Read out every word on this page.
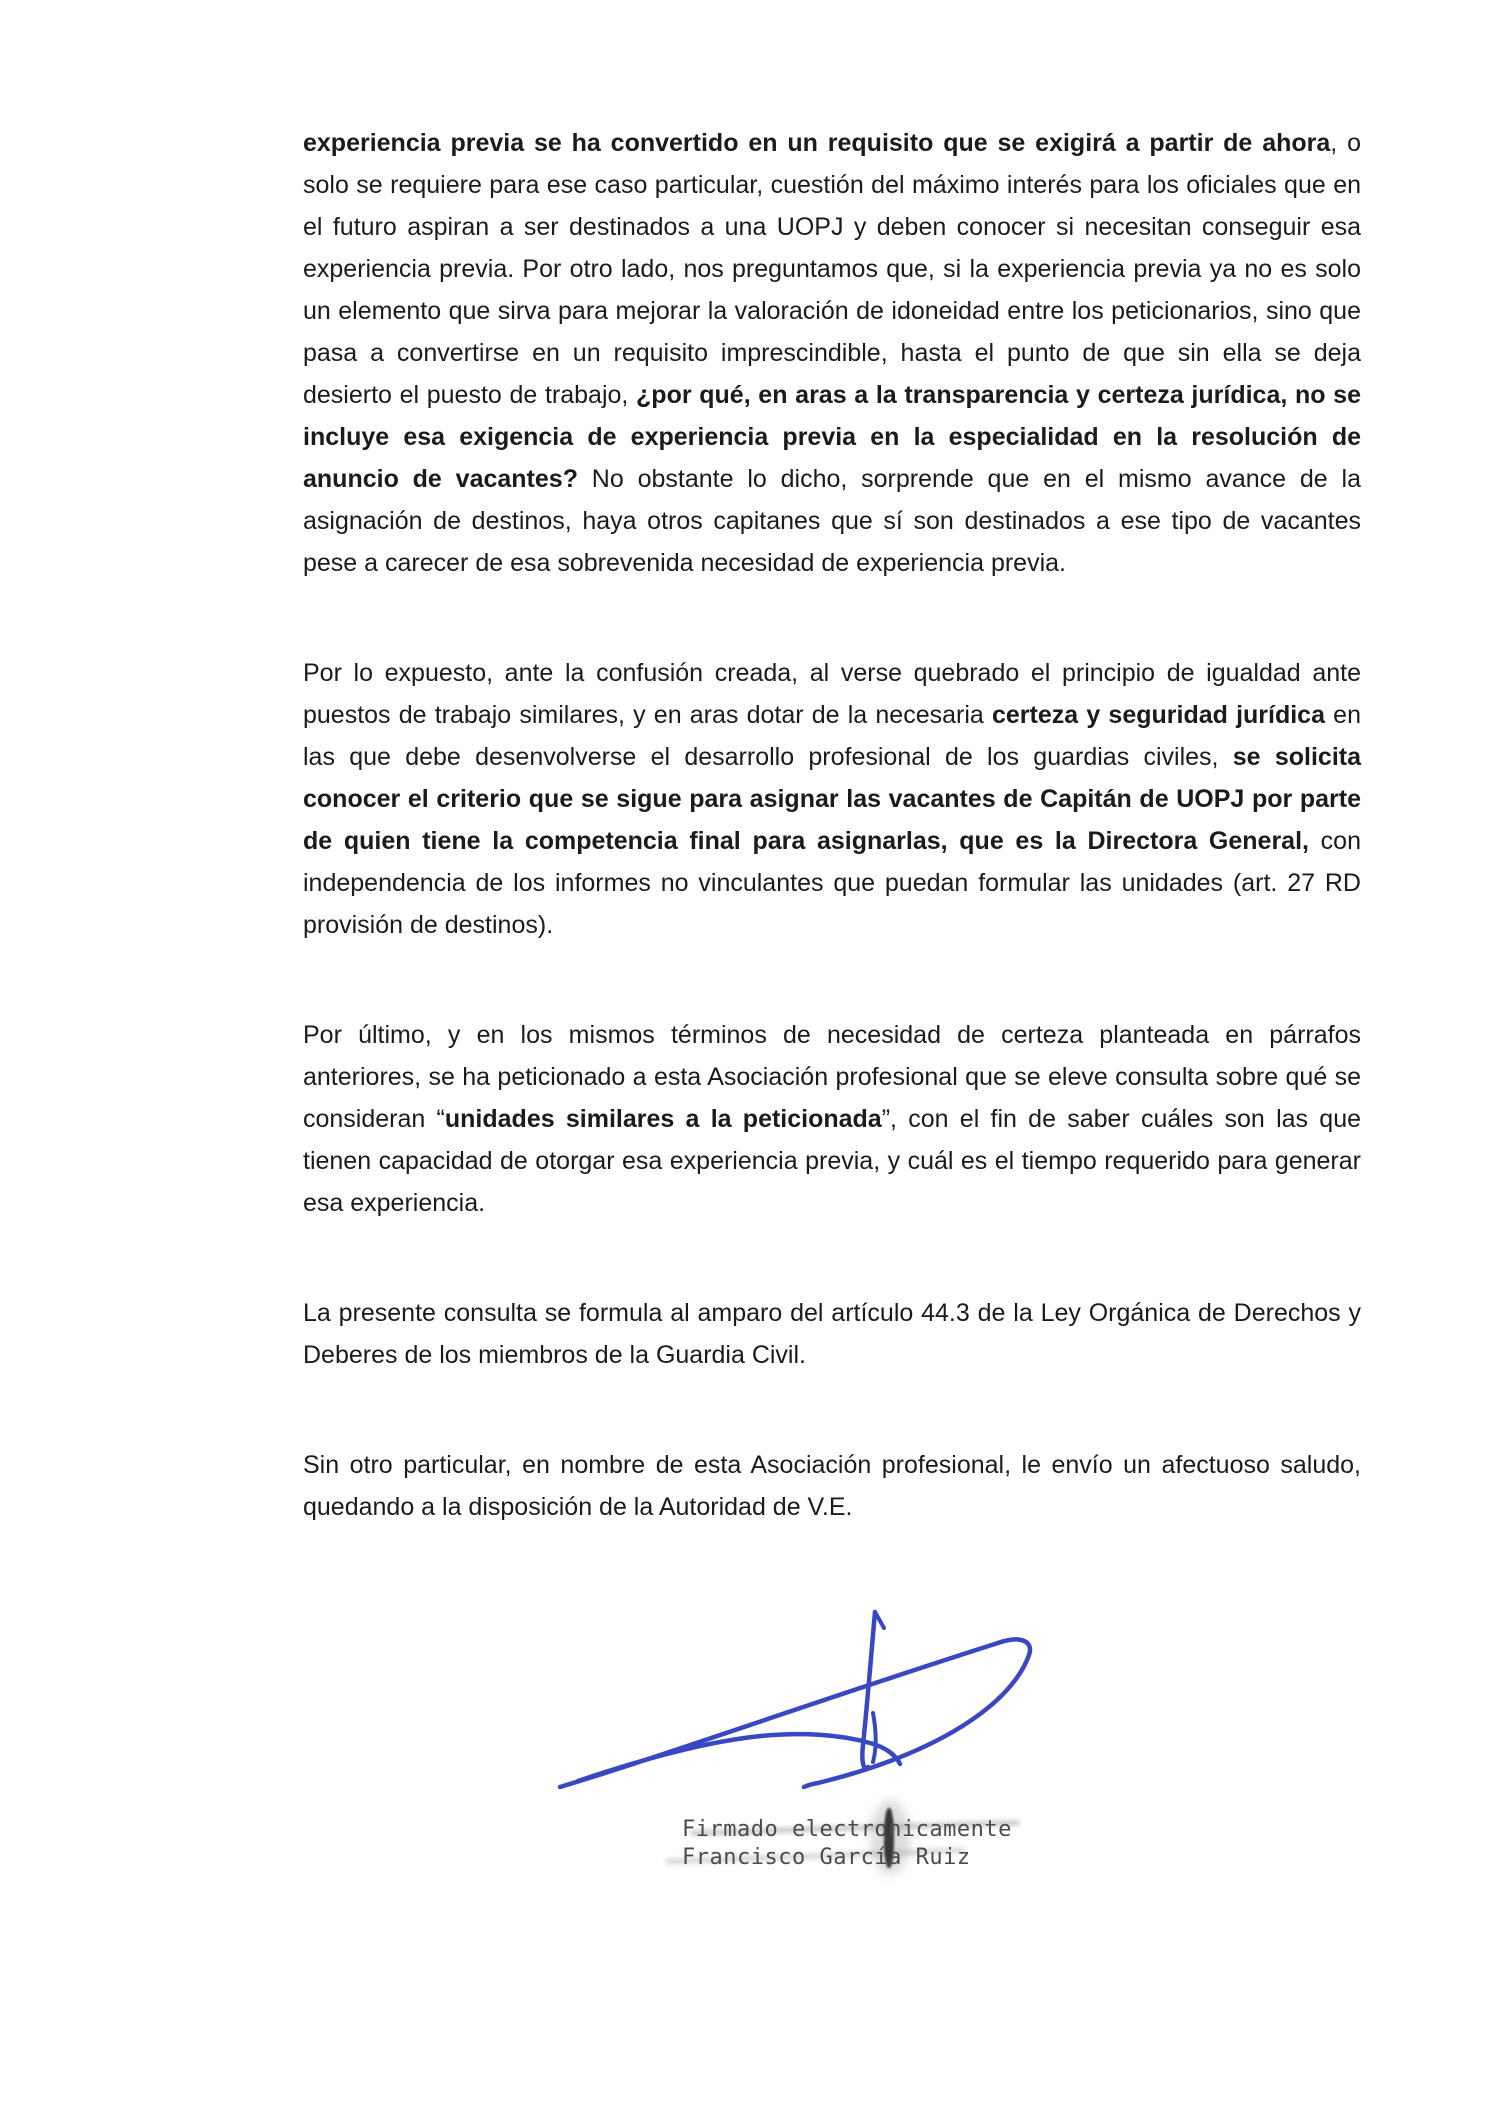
experiencia previa se ha convertido en un requisito que se exigirá a partir de ahora, o solo se requiere para ese caso particular, cuestión del máximo interés para los oficiales que en el futuro aspiran a ser destinados a una UOPJ y deben conocer si necesitan conseguir esa experiencia previa. Por otro lado, nos preguntamos que, si la experiencia previa ya no es solo un elemento que sirva para mejorar la valoración de idoneidad entre los peticionarios, sino que pasa a convertirse en un requisito imprescindible, hasta el punto de que sin ella se deja desierto el puesto de trabajo, ¿por qué, en aras a la transparencia y certeza jurídica, no se incluye esa exigencia de experiencia previa en la especialidad en la resolución de anuncio de vacantes? No obstante lo dicho, sorprende que en el mismo avance de la asignación de destinos, haya otros capitanes que sí son destinados a ese tipo de vacantes pese a carecer de esa sobrevenida necesidad de experiencia previa.

Por lo expuesto, ante la confusión creada, al verse quebrado el principio de igualdad ante puestos de trabajo similares, y en aras dotar de la necesaria certeza y seguridad jurídica en las que debe desenvolverse el desarrollo profesional de los guardias civiles, se solicita conocer el criterio que se sigue para asignar las vacantes de Capitán de UOPJ por parte de quien tiene la competencia final para asignarlas, que es la Directora General, con independencia de los informes no vinculantes que puedan formular las unidades (art. 27 RD provisión de destinos).

Por último, y en los mismos términos de necesidad de certeza planteada en párrafos anteriores, se ha peticionado a esta Asociación profesional que se eleve consulta sobre qué se consideran “unidades similares a la peticionada”, con el fin de saber cuáles son las que tienen capacidad de otorgar esa experiencia previa, y cuál es el tiempo requerido para generar esa experiencia.

La presente consulta se formula al amparo del artículo 44.3 de la Ley Orgánica de Derechos y Deberes de los miembros de la Guardia Civil.

Sin otro particular, en nombre de esta Asociación profesional, le envío un afectuoso saludo, quedando a la disposición de la Autoridad de V.E.

Firmado electronicamente
Francisco García Ruiz
